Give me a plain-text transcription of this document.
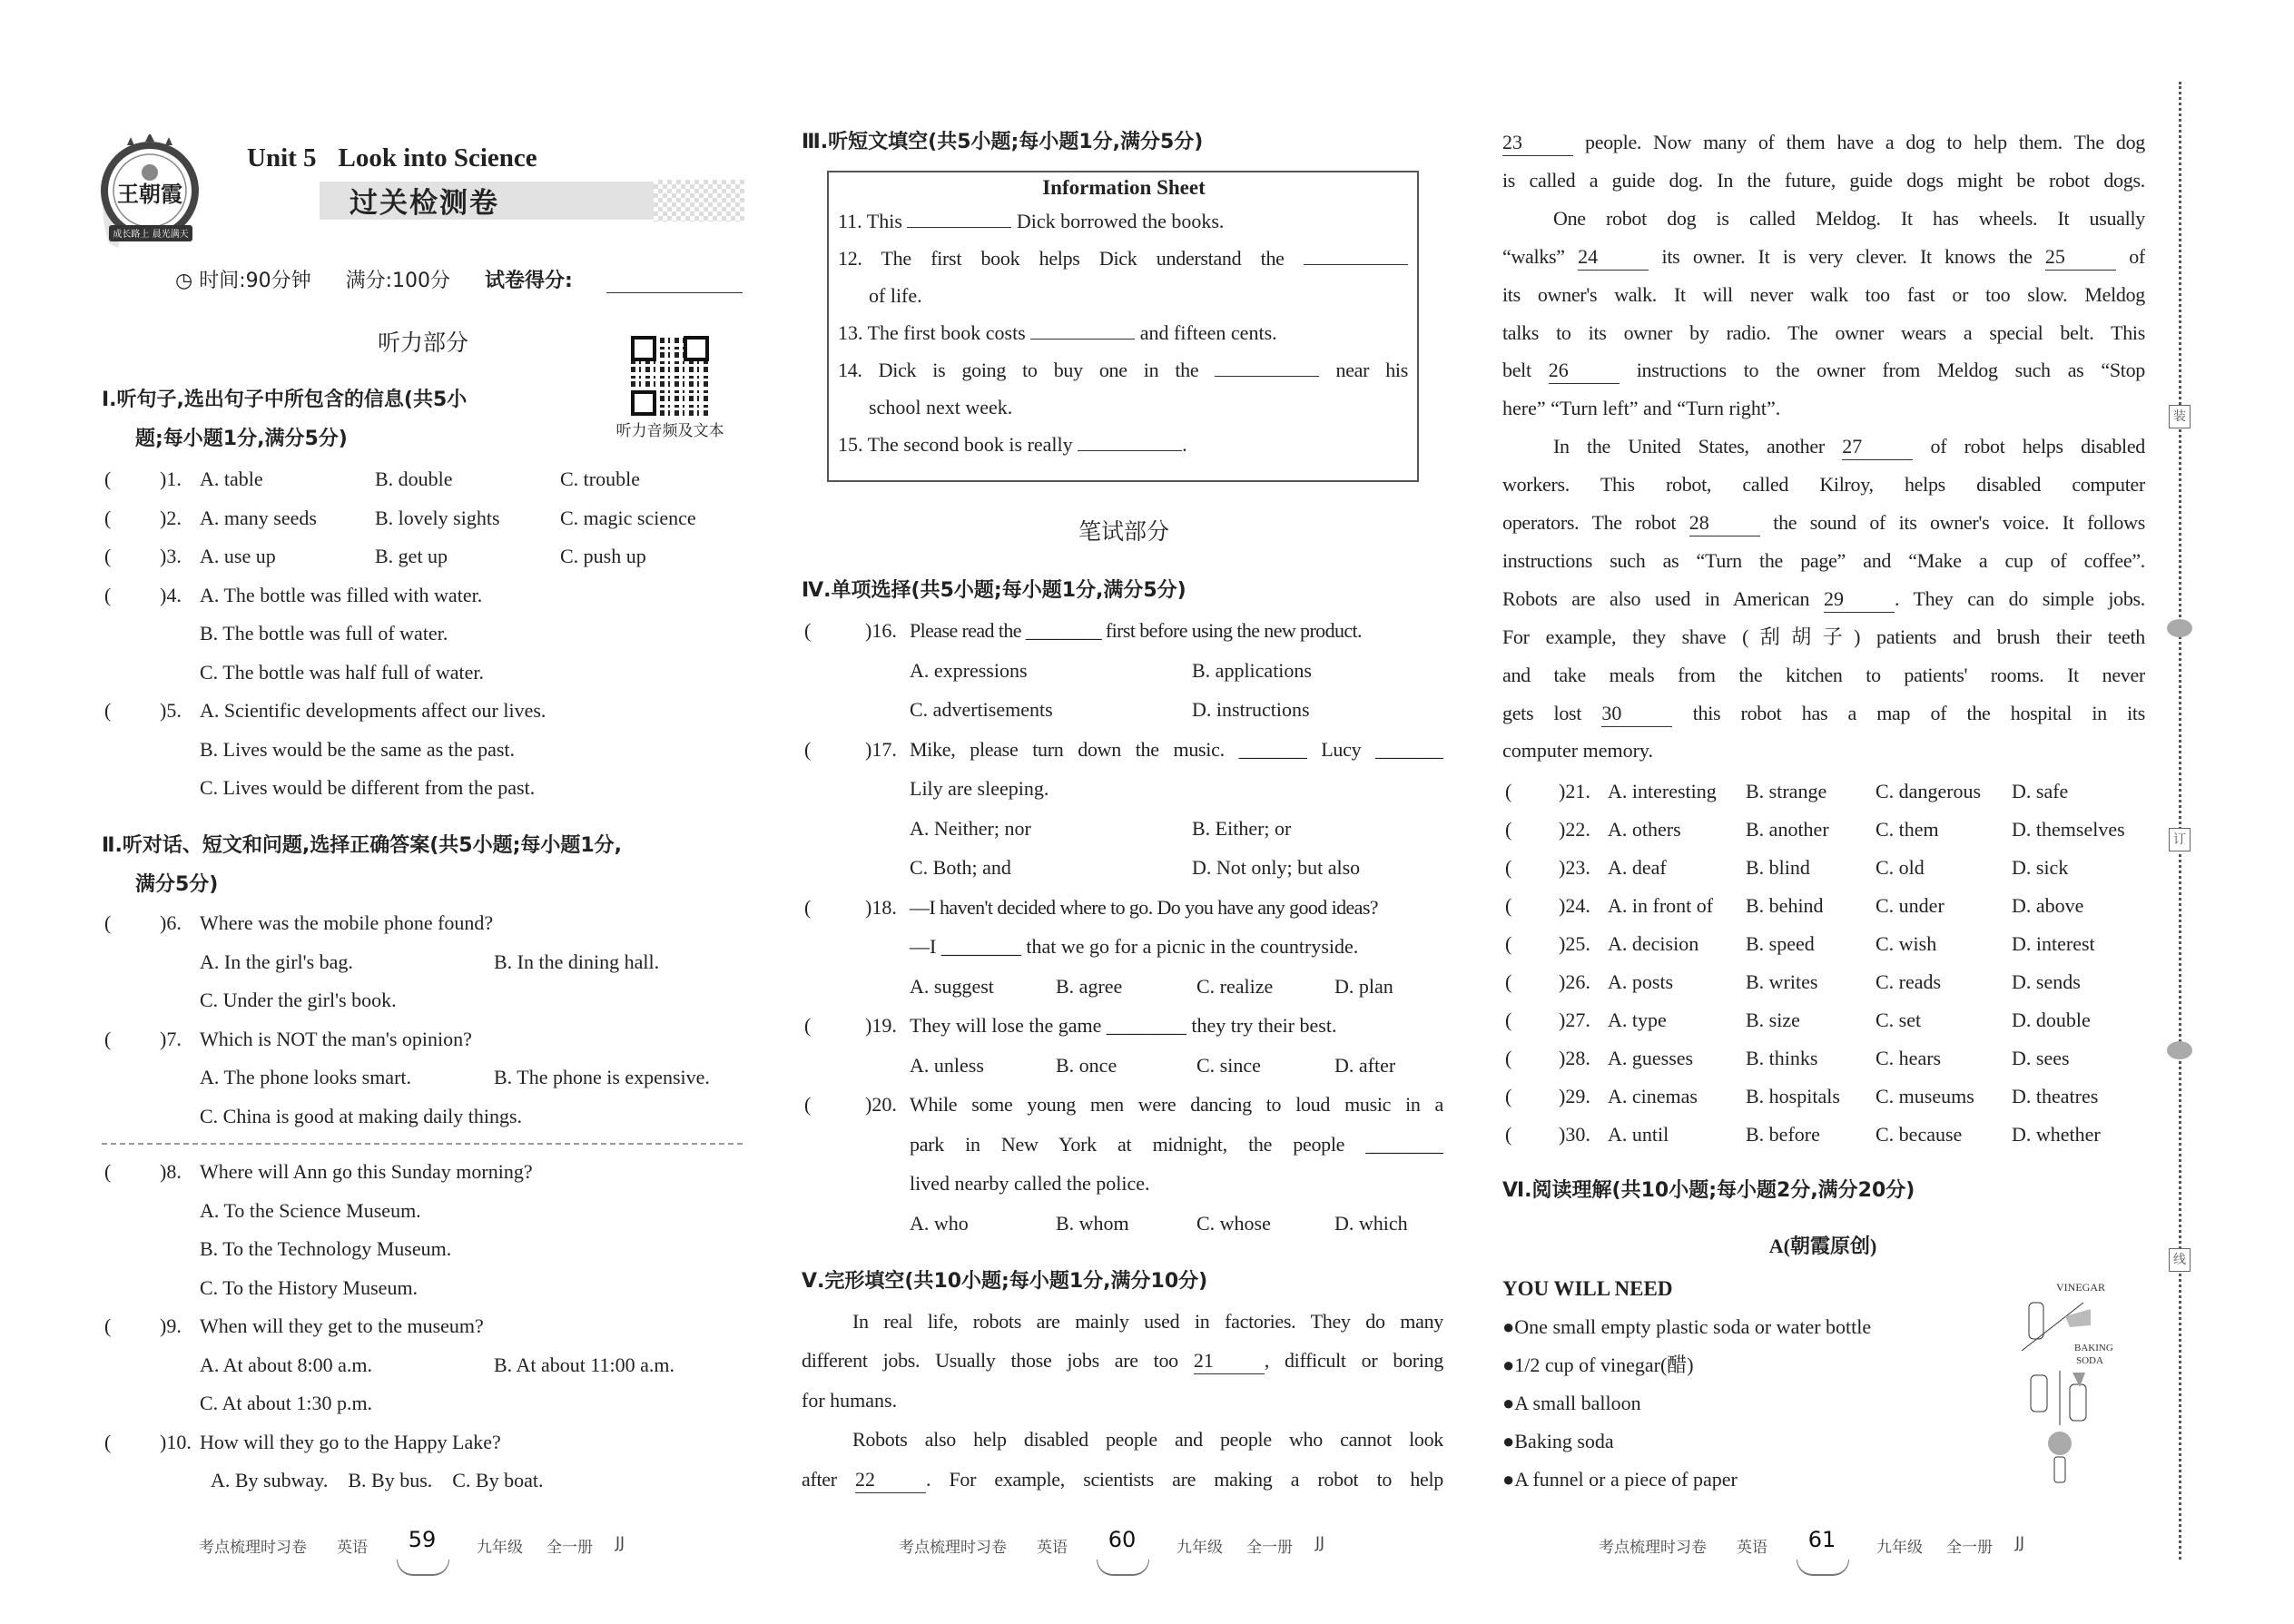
王朝霞
成长路上 晨光满天
Unit 5 Look into Science
过关检测卷
◷ 时间:90分钟 满分:100分 试卷得分:
听力部分
听力音频及文本
Ⅰ.听句子,选出句子中所包含的信息(共5小
题;每小题1分,满分5分)
( )1. A. table	B. double	C. trouble
( )2. A. many seeds	B. lovely sights	C. magic science
( )3. A. use up	B. get up	C. push up
( )4. A. The bottle was filled with water.
B. The bottle was full of water.
C. The bottle was half full of water.
( )5. A. Scientific developments affect our lives.
B. Lives would be the same as the past.
C. Lives would be different from the past.
Ⅱ.听对话、短文和问题,选择正确答案(共5小题;每小题1分,
满分5分)
( )6. Where was the mobile phone found?
A. In the girl's bag.	B. In the dining hall.
C. Under the girl's book.
( )7. Which is NOT the man's opinion?
A. The phone looks smart.	B. The phone is expensive.
C. China is good at making daily things.
( )8. Where will Ann go this Sunday morning?
A. To the Science Museum.
B. To the Technology Museum.
C. To the History Museum.
( )9. When will they get to the museum?
A. At about 8:00 a.m.	B. At about 11:00 a.m.
C. At about 1:30 p.m.
( )10. How will they go to the Happy Lake?
A. By subway.    B. By bus.    C. By boat.
Ⅲ.听短文填空(共5小题;每小题1分,满分5分)
笔试部分
Ⅳ.单项选择(共5小题;每小题1分,满分5分)
(	)16. Please read the ________ first before using the new product.
A. expressions	B. applications
C. advertisements	D. instructions
(	)17. Mike, please turn down the music. _______ Lucy _______
Lily are sleeping.
A. Neither; nor	B. Either; or
C. Both; and	D. Not only; but also
(	)18. —I haven't decided where to go. Do you have any good ideas?
—I ________ that we go for a picnic in the countryside.
A. suggest	B. agree	C. realize	D. plan
(	)19. They will lose the game ________ they try their best.
A. unless	B. once	C. since	D. after
(	)20. While some young men were dancing to loud music in a
park in New York at midnight, the people ________
lived nearby called the police.
A. who	B. whom	C. whose	D. which
Ⅴ.完形填空(共10小题;每小题1分,满分10分)
In real life, robots are mainly used in factories. They do many
different jobs. Usually those jobs are too 21	, difficult or boring
for humans.
Robots also help disabled people and people who cannot look
after 22	. For example, scientists are making a robot to help
Information Sheet
11. This	Dick borrowed the books.
12. The first book helps Dick understand the
of life.
13. The first book costs	and fifteen cents.
14. Dick is going to buy one in the	near his
school next week.
15. The second book is really	.
23	people. Now many of them have a dog to help them. The dog
is called a guide dog. In the future, guide dogs might be robot dogs.
One robot dog is called Meldog. It has wheels. It usually
“walks” 24	its owner. It is very clever. It knows the 25	of
its owner's walk. It will never walk too fast or too slow. Meldog
talks to its owner by radio. The owner wears a special belt. This
belt 26	instructions to the owner from Meldog such as “Stop
here” “Turn left” and “Turn right”.
In the United States, another 27	of robot helps disabled
workers. This robot, called Kilroy, helps disabled computer
operators. The robot 28	the sound of its owner's voice. It follows
instructions such as “Turn the page” and “Make a cup of coffee”.
Robots are also used in American 29	. They can do simple jobs.
For example, they shave (刮胡子) patients and brush their teeth
and take meals from the kitchen to patients' rooms. It never
gets lost 30	this robot has a map of the hospital in its
computer memory.
( )21. A. interesting B. strange C. dangerous D. safe
( )22. A. others	B. another C. them	D. themselves
( )23. A. deaf	B. blind	C. old	D. sick
( )24. A. in front of B. behind	C. under	D. above
( )25. A. decision B. speed	C. wish	D. interest
( )26. A. posts	B. writes	C. reads	D. sends
( )27. A. type	B. size	C. set	D. double
( )28. A. guesses	B. thinks	C. hears	D. sees
( )29. A. cinemas B. hospitals C. museums D. theatres
( )30. A. until	B. before	C. because D. whether
Ⅵ.阅读理解(共10小题;每小题2分,满分20分)
A(朝霞原创)
YOU WILL NEED
●One small empty plastic soda or water bottle
●1/2 cup of vinegar(醋)
●A small balloon
●Baking soda
●A funnel or a piece of paper
VINEGAR
BAKING
SODA
考点梳理时习卷 英语	59	九年级 全一册 JJ	考点梳理时习卷 英语	60	九年级 全一册 JJ	考点梳理时习卷 英语	61	九年级 全一册 JJ
装
订
线
